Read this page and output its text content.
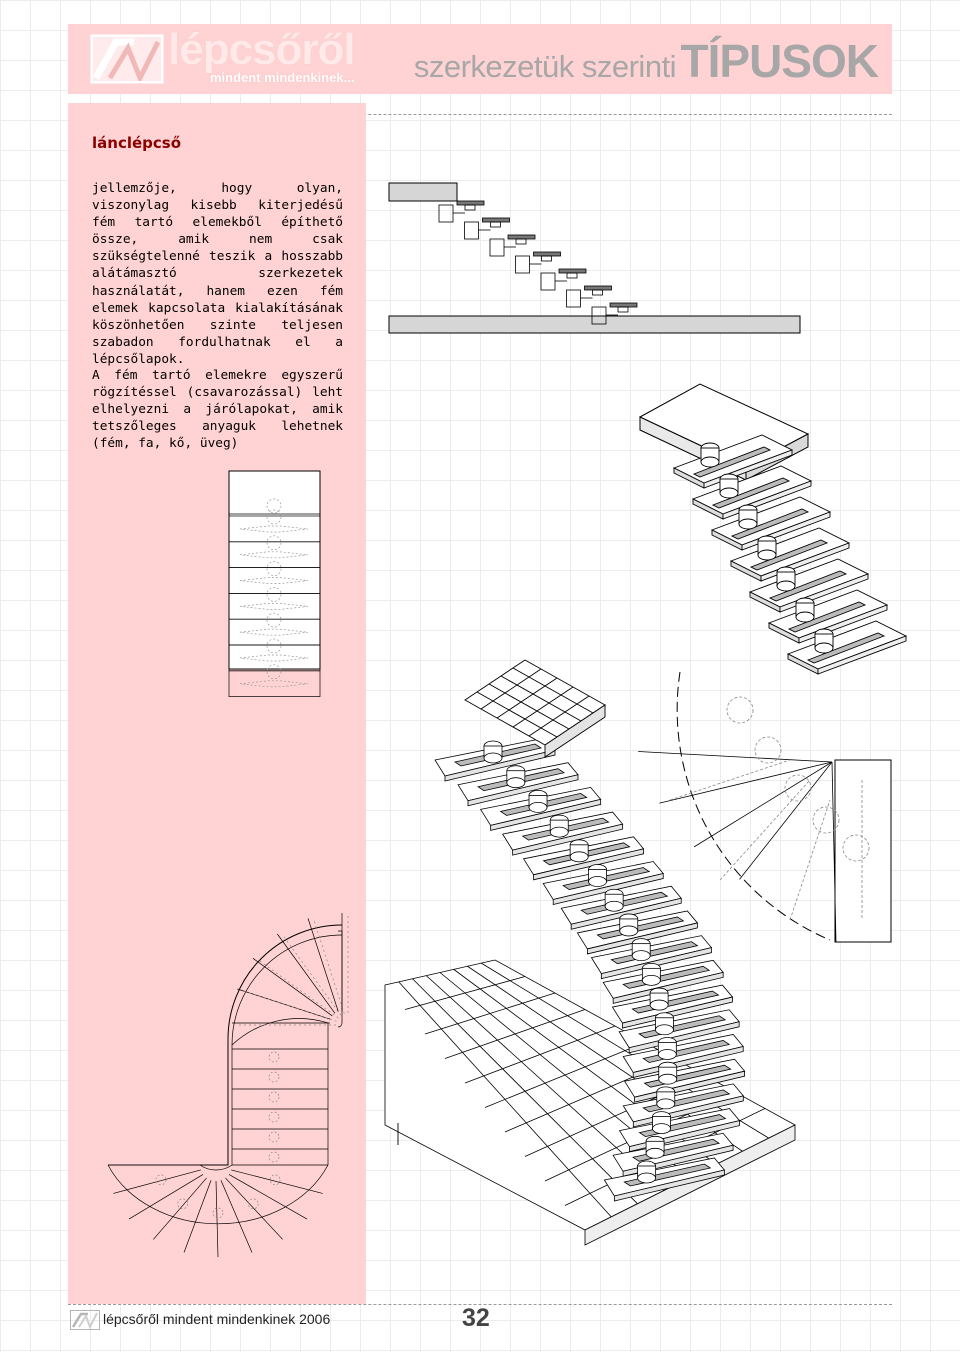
lépcsőről
mindent mindenkinek... szerkezetük szerinti TÍPUSOK
lánclépcső

jellemzője, hogy olyan, viszonylag kisebb kiterjedésű fém tartó elemekből építhető össze, amik nem csak szükségtelenné teszik a hosszabb alátámasztó szerkezetek használatát, hanem ezen fém elemek kapcsolata kialakításának köszönhetően szinte teljesen szabadon fordulhatnak el a lépcsőlapok.

A fém tartó elemekre egyszerű rögzítéssel (csavarozással) leht elhelyezni a járólapokat, amik tetszőleges anyaguk lehetnek (fém, fa, kő, üveg)

lépcsőről mindent mindenkinek 2006	32
